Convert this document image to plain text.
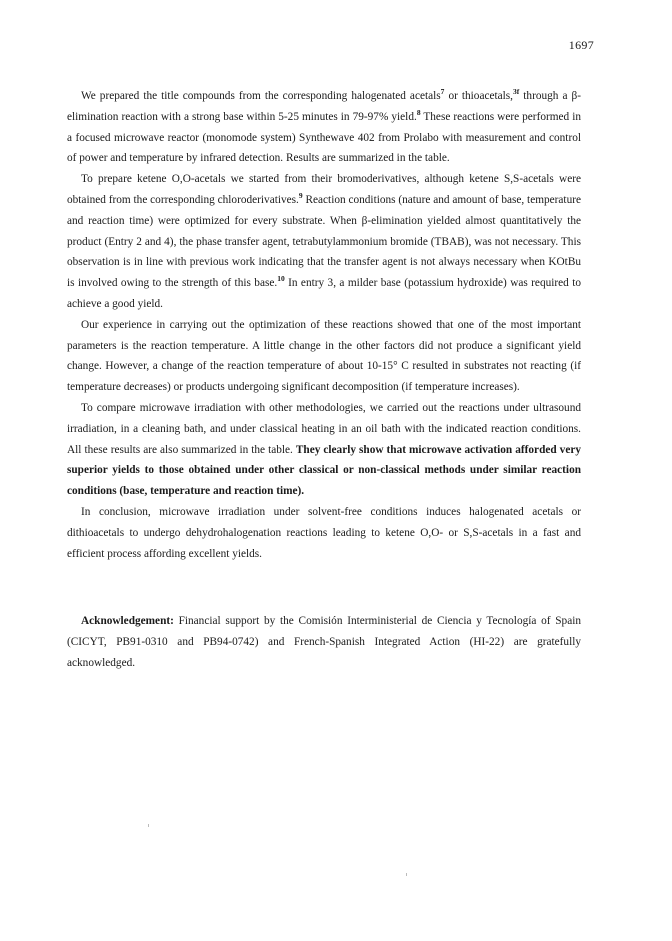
1697

We prepared the title compounds from the corresponding halogenated acetals$^7$ or thioacetals,$^{3f}$ through a β-elimination reaction with a strong base within 5-25 minutes in 79-97% yield.$^8$ These reactions were performed in a focused microwave reactor (monomode system) Synthewave 402 from Prolabo with measurement and control of power and temperature by infrared detection. Results are summarized in the table.

To prepare ketene O,O-acetals we started from their bromoderivatives, although ketene S,S-acetals were obtained from the corresponding chloroderivatives.$^9$ Reaction conditions (nature and amount of base, temperature and reaction time) were optimized for every substrate. When β-elimination yielded almost quantitatively the product (Entry 2 and 4), the phase transfer agent, tetrabutylammonium bromide (TBAB), was not necessary. This observation is in line with previous work indicating that the transfer agent is not always necessary when KOtBu is involved owing to the strength of this base.$^{10}$ In entry 3, a milder base (potassium hydroxide) was required to achieve a good yield.

Our experience in carrying out the optimization of these reactions showed that one of the most important parameters is the reaction temperature. A little change in the other factors did not produce a significant yield change. However, a change of the reaction temperature of about 10-15° C resulted in substrates not reacting (if temperature decreases) or products undergoing significant decomposition (if temperature increases).

To compare microwave irradiation with other methodologies, we carried out the reactions under ultrasound irradiation, in a cleaning bath, and under classical heating in an oil bath with the indicated reaction conditions. All these results are also summarized in the table. They clearly show that microwave activation afforded very superior yields to those obtained under other classical or non-classical methods under similar reaction conditions (base, temperature and reaction time).

In conclusion, microwave irradiation under solvent-free conditions induces halogenated acetals or dithioacetals to undergo dehydrohalogenation reactions leading to ketene O,O- or S,S-acetals in a fast and efficient process affording excellent yields.

Acknowledgement: Financial support by the Comisión Interministerial de Ciencia y Tecnología of Spain (CICYT, PB91-0310 and PB94-0742) and French-Spanish Integrated Action (HI-22) are gratefully acknowledged.
